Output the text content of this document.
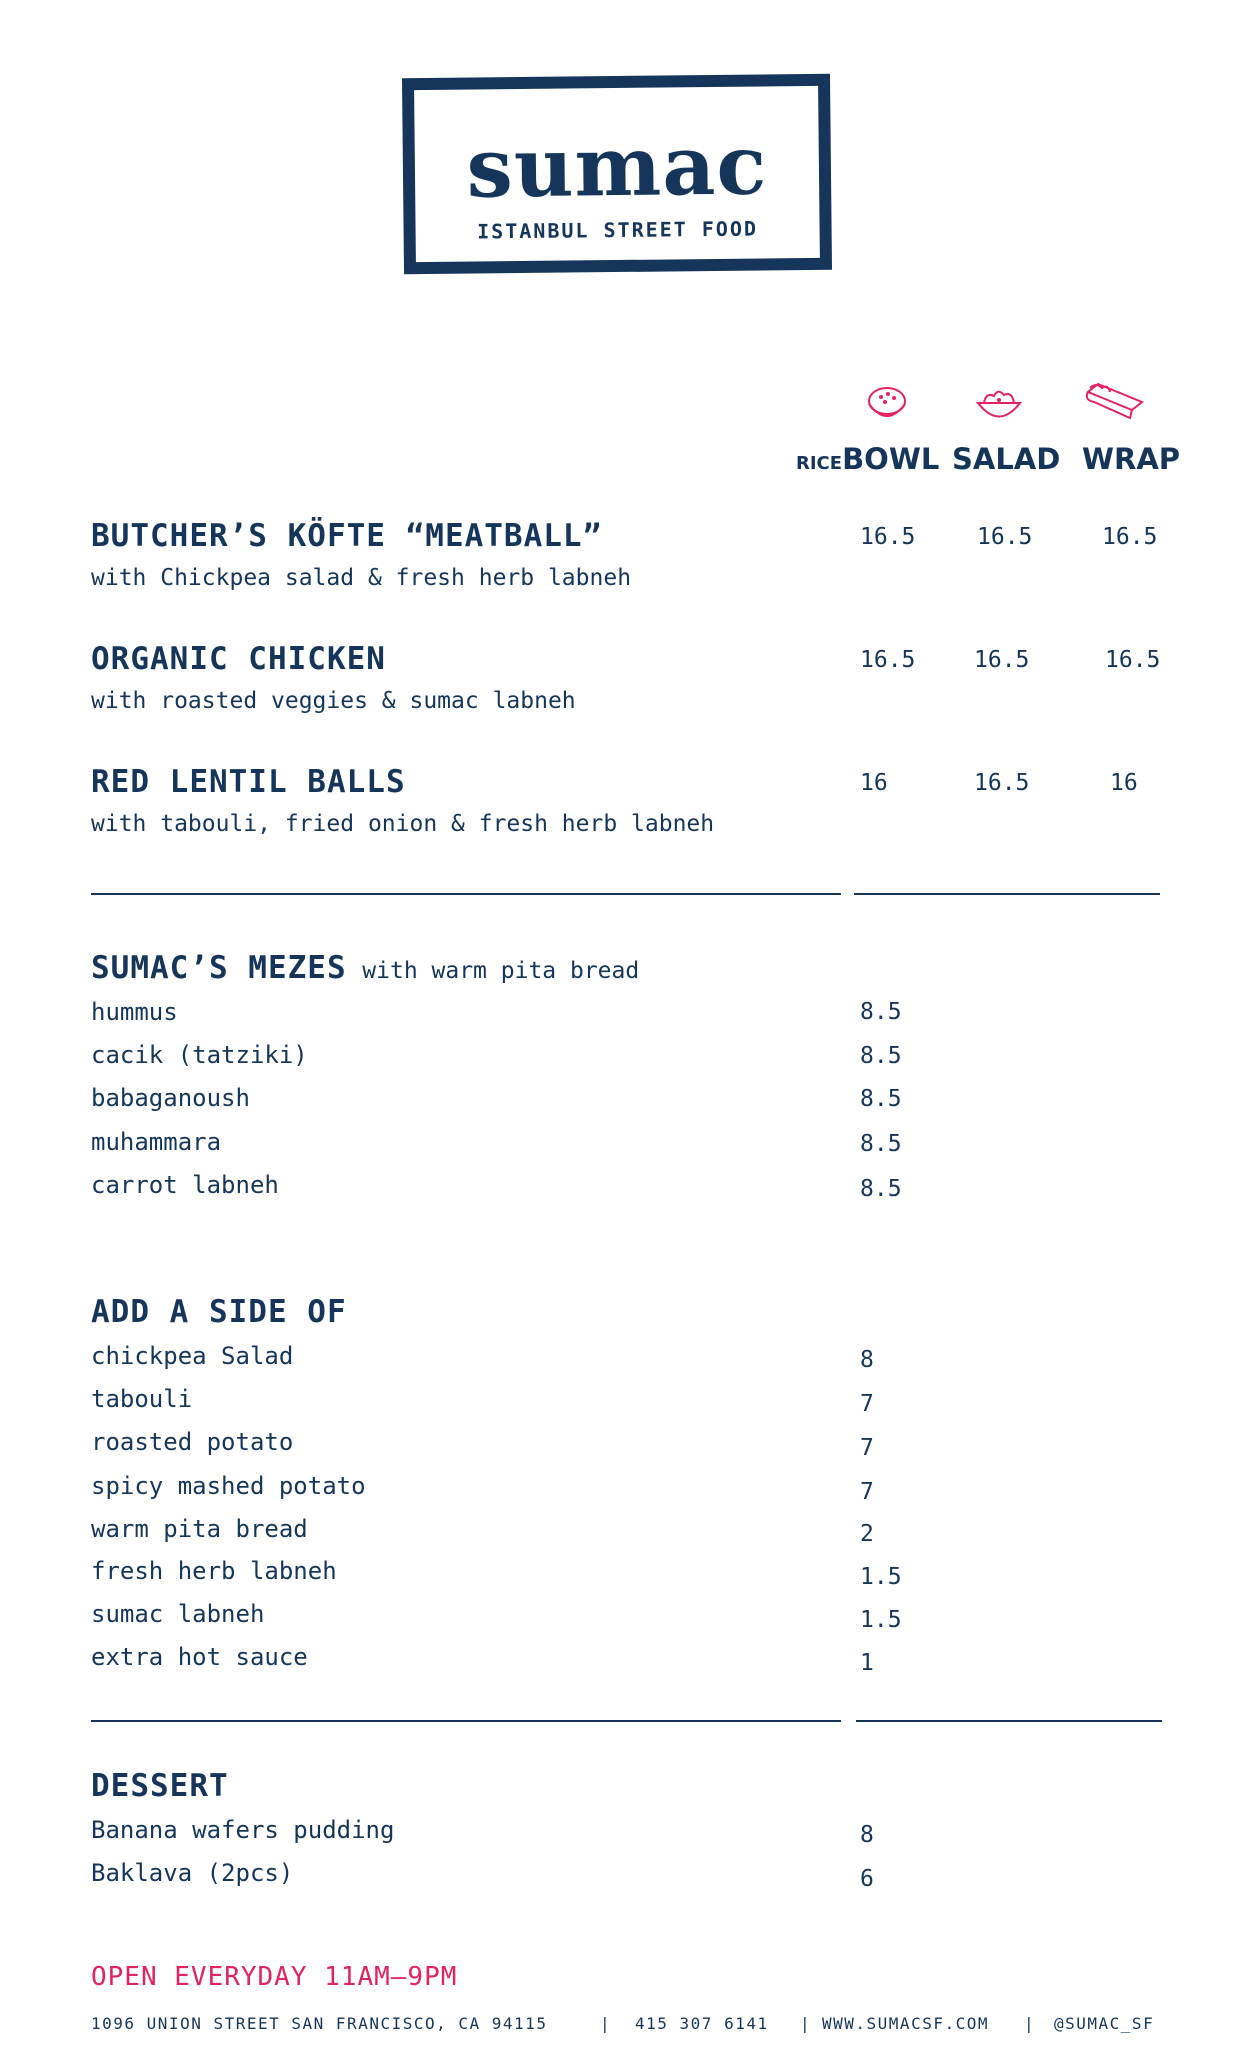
sumac
ISTANBUL STREET FOOD
RICEBOWL SALAD WRAP
BUTCHER’S KÖFTE “MEATBALL”
with Chickpea salad & fresh herb labneh
16.5	16.5	16.5
ORGANIC CHICKEN
with roasted veggies & sumac labneh
16.5	16.5	16.5
RED LENTIL BALLS
with tabouli, fried onion & fresh herb labneh
16	16.5	16
SUMAC’S MEZES with warm pita bread
hummus	8.5
cacik (tatziki)	8.5
babaganoush	8.5
muhammara	8.5
carrot labneh	8.5
ADD A SIDE OF
chickpea Salad	8
tabouli	7
roasted potato	7
spicy mashed potato	7
warm pita bread	2
fresh herb labneh	1.5
sumac labneh	1.5
extra hot sauce	1
DESSERT
Banana wafers pudding	8
Baklava (2pcs)	6
OPEN EVERYDAY 11AM–9PM
1096 UNION STREET SAN FRANCISCO, CA 94115	| 415 307 6141 | WWW.SUMACSF.COM | @SUMAC_SF
